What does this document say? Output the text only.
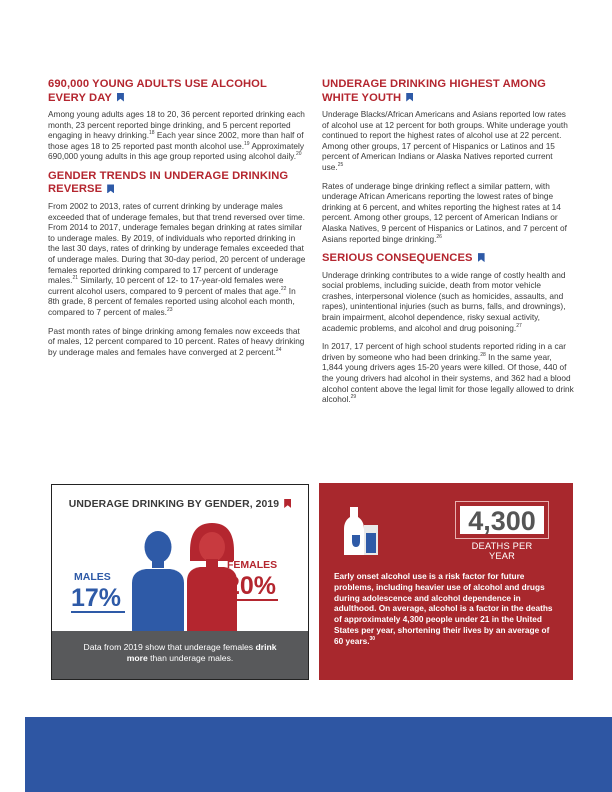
690,000 YOUNG ADULTS USE ALCOHOL EVERY DAY

Among young adults ages 18 to 20, 36 percent reported drinking each month, 23 percent reported binge drinking, and 5 percent reported engaging in heavy drinking.$^{18}$ Each year since 2002, more than half of those ages 18 to 25 reported past month alcohol use.$^{19}$ Approximately 690,000 young adults in this age group reported using alcohol daily.$^{20}$

GENDER TRENDS IN UNDERAGE DRINKING REVERSE

From 2002 to 2013, rates of current drinking by underage males exceeded that of underage females, but that trend reversed over time. From 2014 to 2017, underage females began drinking at rates similar to underage males. By 2019, of individuals who reported drinking in the last 30 days, rates of drinking by underage females exceeded that of underage males. During that 30-day period, 20 percent of underage females reported drinking compared to 17 percent of underage males.$^{21}$ Similarly, 10 percent of 12- to 17-year-old females were current alcohol users, compared to 9 percent of males that age.$^{22}$ In 8th grade, 8 percent of females reported using alcohol each month, compared to 7 percent of males.$^{23}$

Past month rates of binge drinking among females now exceeds that of males, 12 percent compared to 10 percent. Rates of heavy drinking by underage males and females have converged at 2 percent.$^{24}$

UNDERAGE DRINKING HIGHEST AMONG WHITE YOUTH

Underage Blacks/African Americans and Asians reported low rates of alcohol use at 12 percent for both groups. White underage youth continued to report the highest rates of alcohol use at 22 percent. Among other groups, 17 percent of Hispanics or Latinos and 15 percent of American Indians or Alaska Natives reported current use.$^{25}$

Rates of underage binge drinking reflect a similar pattern, with underage African Americans reporting the lowest rates of binge drinking at 6 percent, and whites reporting the highest rates at 14 percent. Among other groups, 12 percent of American Indians or Alaska Natives, 9 percent of Hispanics or Latinos, and 7 percent of Asians reported binge drinking.$^{26}$

SERIOUS CONSEQUENCES

Underage drinking contributes to a wide range of costly health and social problems, including suicide, death from motor vehicle crashes, interpersonal violence (such as homicides, assaults, and rapes), unintentional injuries (such as burns, falls, and drownings), brain impairment, alcohol dependence, risky sexual activity, academic problems, and alcohol and drug poisoning.$^{27}$

In 2017, 17 percent of high school students reported riding in a car driven by someone who had been drinking.$^{28}$ In the same year, 1,844 young drivers ages 15-20 years were killed. Of those, 440 of the young drivers had alcohol in their systems, and 362 had a blood alcohol content above the legal limit for those legally allowed to drink alcohol.$^{29}$

UNDERAGE DRINKING BY GENDER, 2019
MALES
17%
FEMALES
20%
Data from 2019 show that underage females drink more than underage males.
4,300
DEATHS PER YEAR
Early onset alcohol use is a risk factor for future problems, including heavier use of alcohol and drugs during adolescence and alcohol dependence in adulthood. On average, alcohol is a factor in the deaths of approximately 4,300 people under 21 in the United States per year, shortening their lives by an average of 60 years.$^{30}$
